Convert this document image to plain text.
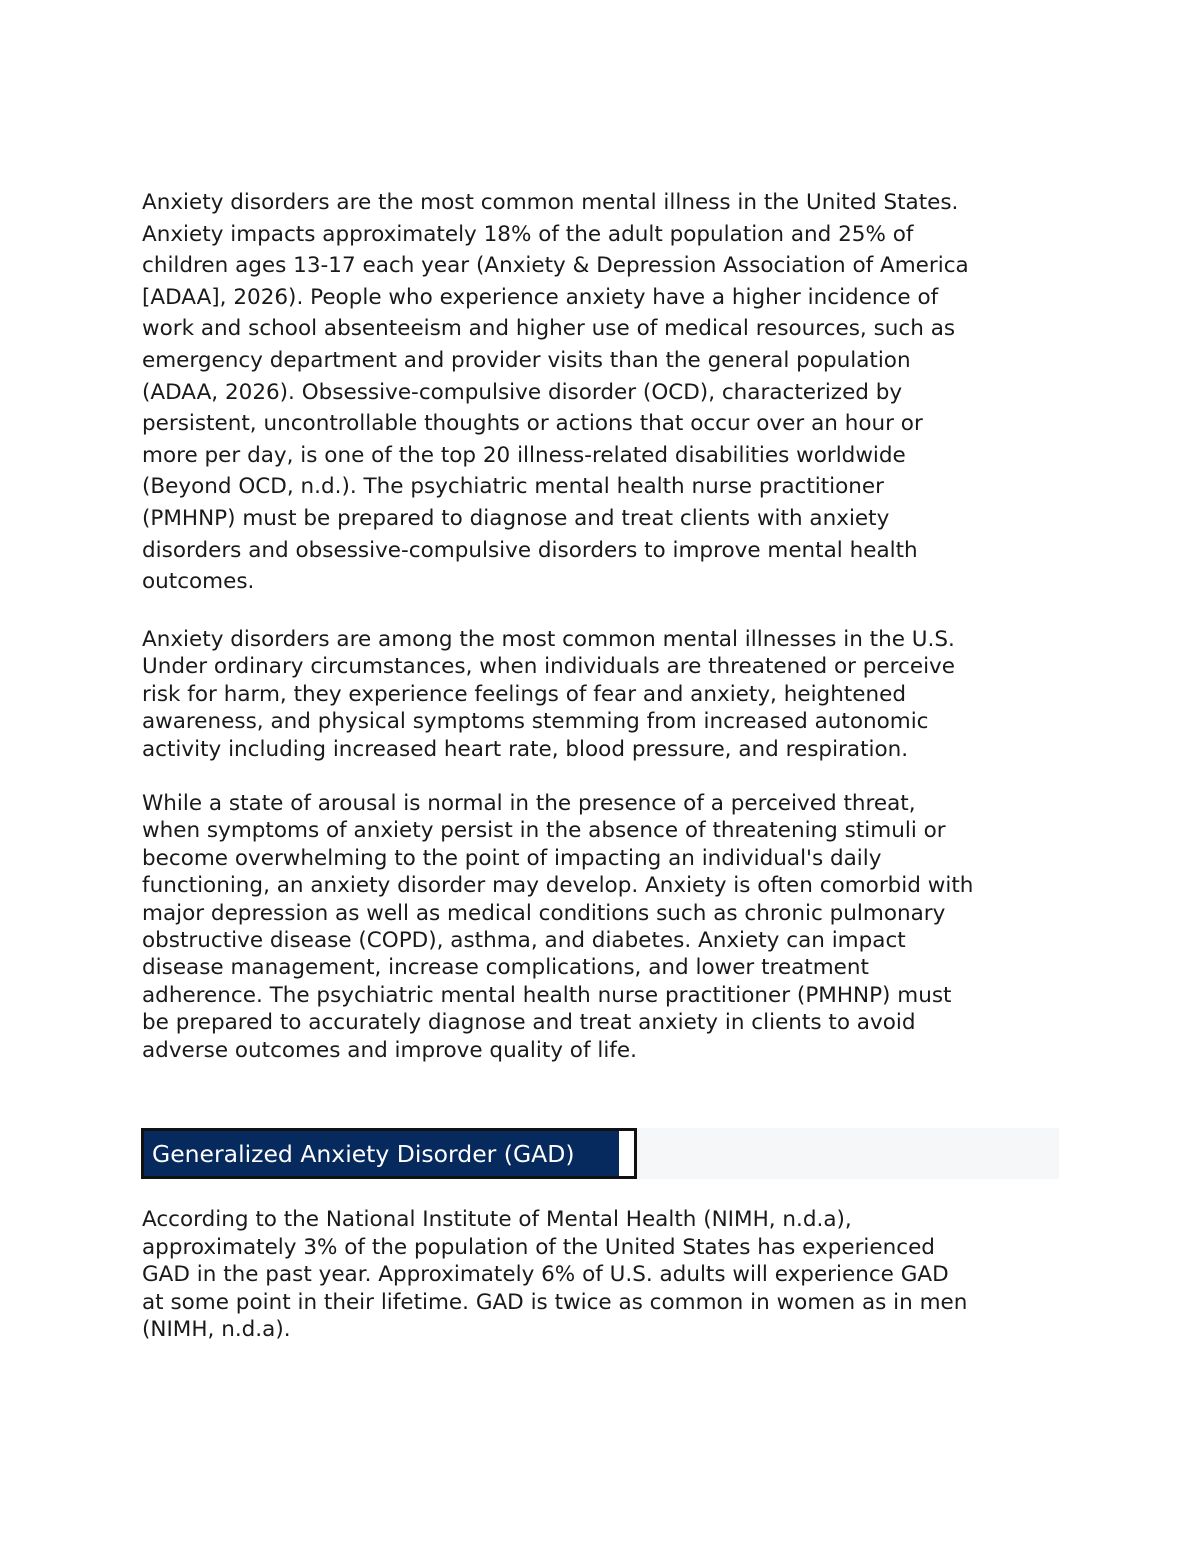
Anxiety disorders are the most common mental illness in the United States.
Anxiety impacts approximately 18% of the adult population and 25% of
children ages 13-17 each year (Anxiety & Depression Association of America
[ADAA], 2026). People who experience anxiety have a higher incidence of
work and school absenteeism and higher use of medical resources, such as
emergency department and provider visits than the general population
(ADAA, 2026). Obsessive-compulsive disorder (OCD), characterized by
persistent, uncontrollable thoughts or actions that occur over an hour or
more per day, is one of the top 20 illness-related disabilities worldwide
(Beyond OCD, n.d.). The psychiatric mental health nurse practitioner
(PMHNP) must be prepared to diagnose and treat clients with anxiety
disorders and obsessive-compulsive disorders to improve mental health
outcomes.
Anxiety disorders are among the most common mental illnesses in the U.S.
Under ordinary circumstances, when individuals are threatened or perceive
risk for harm, they experience feelings of fear and anxiety, heightened
awareness, and physical symptoms stemming from increased autonomic
activity including increased heart rate, blood pressure, and respiration.
While a state of arousal is normal in the presence of a perceived threat,
when symptoms of anxiety persist in the absence of threatening stimuli or
become overwhelming to the point of impacting an individual's daily
functioning, an anxiety disorder may develop. Anxiety is often comorbid with
major depression as well as medical conditions such as chronic pulmonary
obstructive disease (COPD), asthma, and diabetes. Anxiety can impact
disease management, increase complications, and lower treatment
adherence. The psychiatric mental health nurse practitioner (PMHNP) must
be prepared to accurately diagnose and treat anxiety in clients to avoid
adverse outcomes and improve quality of life.
Generalized Anxiety Disorder (GAD)
According to the National Institute of Mental Health (NIMH, n.d.a),
approximately 3% of the population of the United States has experienced
GAD in the past year. Approximately 6% of U.S. adults will experience GAD
at some point in their lifetime. GAD is twice as common in women as in men
(NIMH, n.d.a).
